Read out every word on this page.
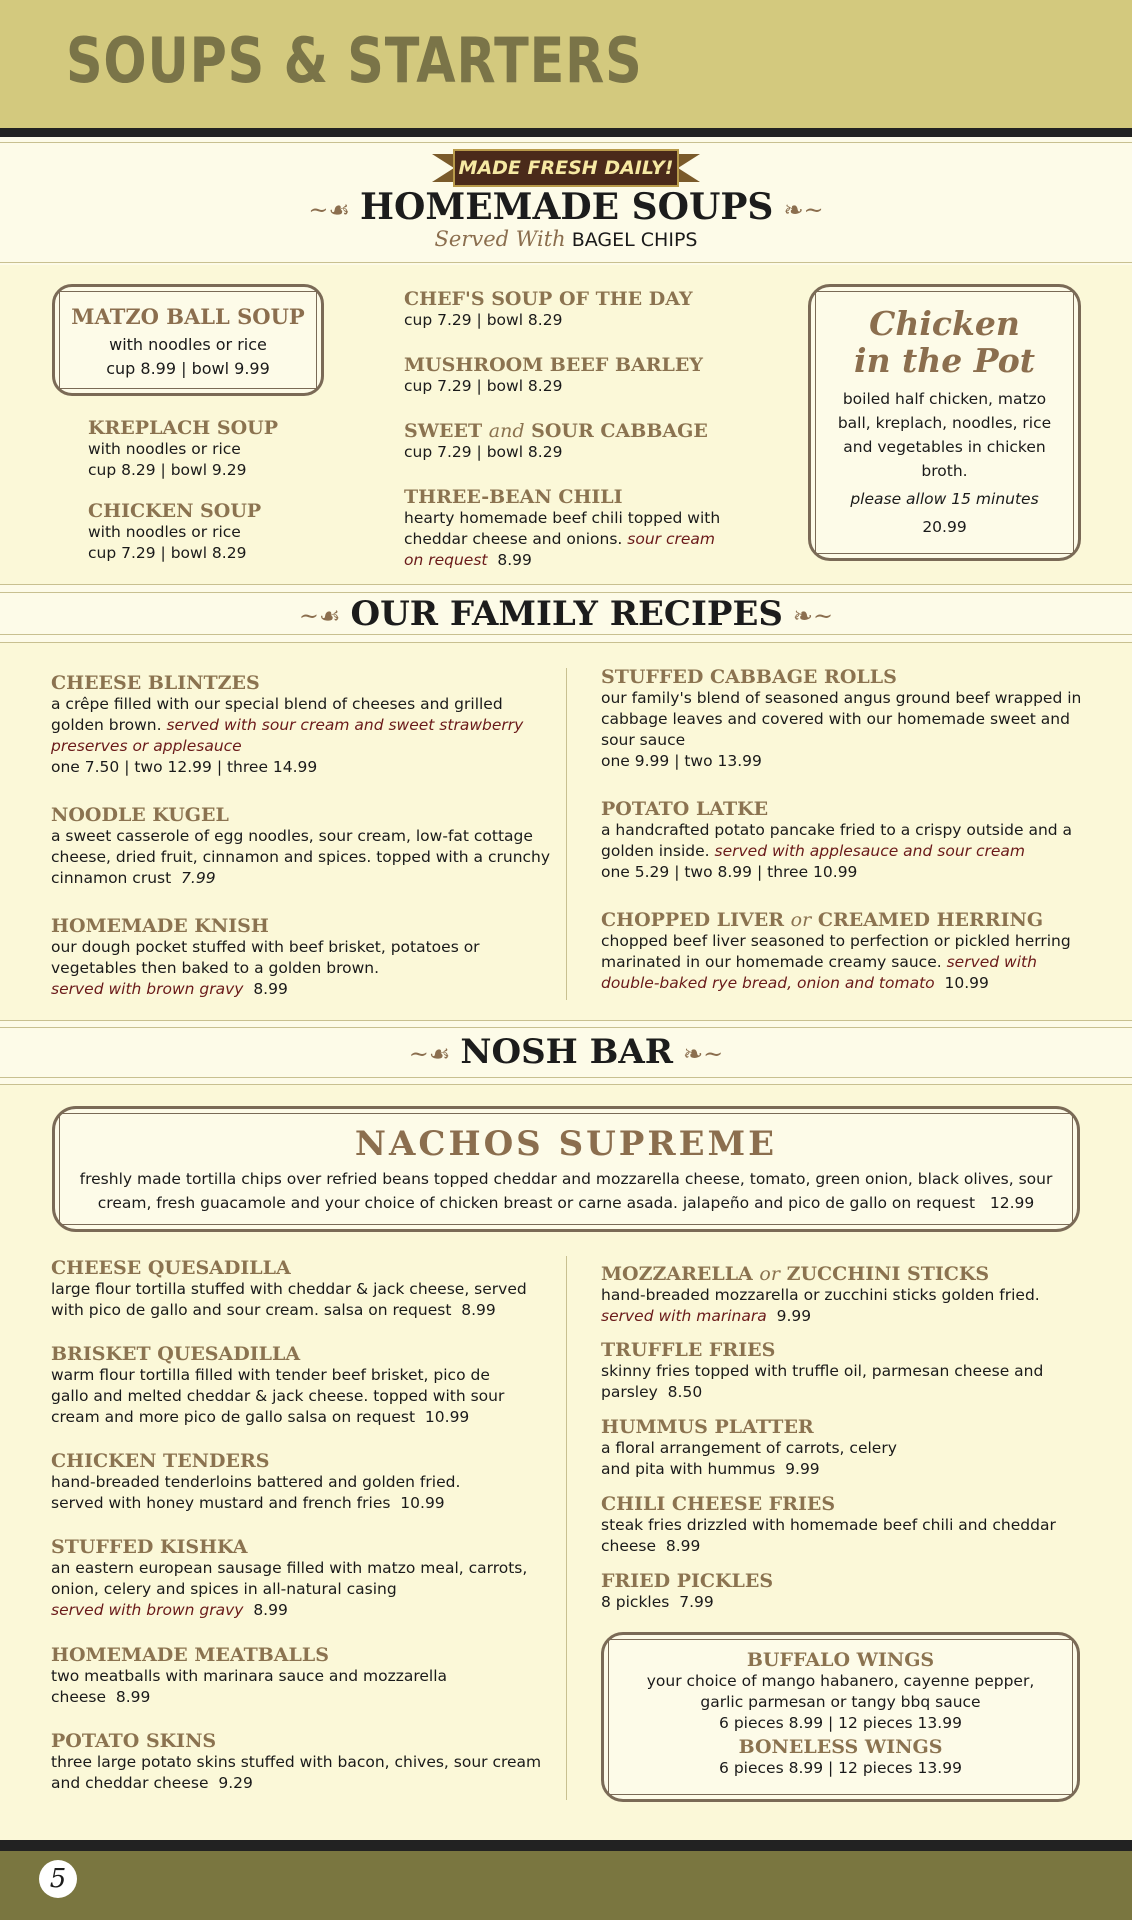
SOUPS & STARTERS
MADE FRESH DAILY!
~☙ HOMEMADE SOUPS ❧~
Served With BAGEL CHIPS
MATZO BALL SOUP
with noodles or rice
cup 8.99 | bowl 9.99
KREPLACH SOUP
with noodles or rice
cup 8.29 | bowl 9.29
CHICKEN SOUP
with noodles or rice
cup 7.29 | bowl 8.29
CHEF'S SOUP OF THE DAY
cup 7.29 | bowl 8.29
MUSHROOM BEEF BARLEY
cup 7.29 | bowl 8.29
SWEET and SOUR CABBAGE
cup 7.29 | bowl 8.29
THREE-BEAN CHILI
hearty homemade beef chili topped with cheddar cheese and onions. sour cream on request 8.99
Chicken
in the Pot
boiled half chicken, matzo ball, kreplach, noodles, rice and vegetables in chicken broth.
please allow 15 minutes
20.99
~☙ OUR FAMILY RECIPES ❧~
CHEESE BLINTZES
a crêpe filled with our special blend of cheeses and grilled golden brown. served with sour cream and sweet strawberry preserves or applesauce
one 7.50 | two 12.99 | three 14.99
NOODLE KUGEL
a sweet casserole of egg noodles, sour cream, low-fat cottage cheese, dried fruit, cinnamon and spices. topped with a crunchy cinnamon crust 7.99
HOMEMADE KNISH
our dough pocket stuffed with beef brisket, potatoes or vegetables then baked to a golden brown.
served with brown gravy 8.99
STUFFED CABBAGE ROLLS
our family's blend of seasoned angus ground beef wrapped in cabbage leaves and covered with our homemade sweet and sour sauce
one 9.99 | two 13.99
POTATO LATKE
a handcrafted potato pancake fried to a crispy outside and a golden inside. served with applesauce and sour cream
one 5.29 | two 8.99 | three 10.99
CHOPPED LIVER or CREAMED HERRING
chopped beef liver seasoned to perfection or pickled herring marinated in our homemade creamy sauce. served with double-baked rye bread, onion and tomato 10.99
~☙ NOSH BAR ❧~
NACHOS SUPREME
freshly made tortilla chips over refried beans topped cheddar and mozzarella cheese, tomato, green onion, black olives, sour cream, fresh guacamole and your choice of chicken breast or carne asada. jalapeño and pico de gallo on request 12.99
CHEESE QUESADILLA
large flour tortilla stuffed with cheddar & jack cheese, served with pico de gallo and sour cream. salsa on request 8.99
BRISKET QUESADILLA
warm flour tortilla filled with tender beef brisket, pico de gallo and melted cheddar & jack cheese. topped with sour cream and more pico de gallo salsa on request 10.99
CHICKEN TENDERS
hand-breaded tenderloins battered and golden fried. served with honey mustard and french fries 10.99
STUFFED KISHKA
an eastern european sausage filled with matzo meal, carrots, onion, celery and spices in all-natural casing
served with brown gravy 8.99
HOMEMADE MEATBALLS
two meatballs with marinara sauce and mozzarella cheese 8.99
POTATO SKINS
three large potato skins stuffed with bacon, chives, sour cream and cheddar cheese 9.29
MOZZARELLA or ZUCCHINI STICKS
hand-breaded mozzarella or zucchini sticks golden fried.
served with marinara 9.99
TRUFFLE FRIES
skinny fries topped with truffle oil, parmesan cheese and parsley 8.50
HUMMUS PLATTER
a floral arrangement of carrots, celery and pita with hummus 9.99
CHILI CHEESE FRIES
steak fries drizzled with homemade beef chili and cheddar cheese 8.99
FRIED PICKLES
8 pickles 7.99
BUFFALO WINGS
your choice of mango habanero, cayenne pepper, garlic parmesan or tangy bbq sauce
6 pieces 8.99 | 12 pieces 13.99
BONELESS WINGS
6 pieces 8.99 | 12 pieces 13.99
5
